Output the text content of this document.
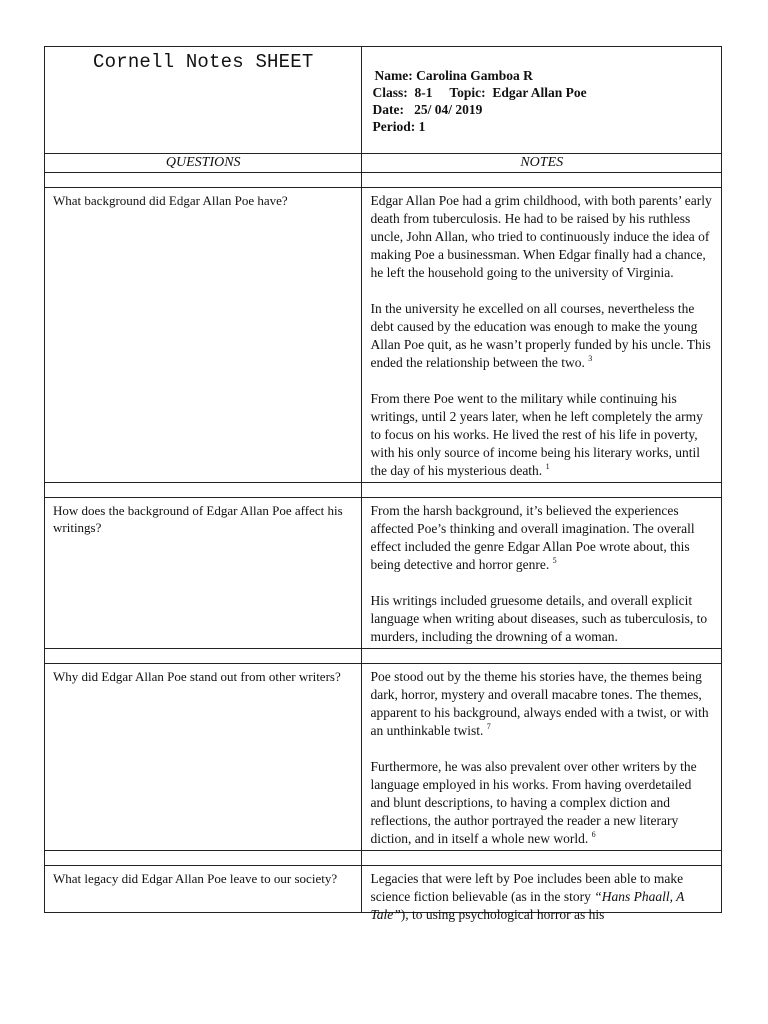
Cornell Notes SHEET	Name: Carolina Gamboa R
Class: 8-1 Topic: Edgar Allan Poe
Date: 25/ 04/ 2019
Period: 1

QUESTIONS	NOTES

What background did Edgar Allan Poe have?	Edgar Allan Poe had a grim childhood, with both parents’ early death from tuberculosis. He had to be raised by his ruthless uncle, John Allan, who tried to continuously induce the idea of making Poe a businessman. When Edgar finally had a chance, he left the household going to the university of Virginia.

In the university he excelled on all courses, nevertheless the debt caused by the education was enough to make the young Allan Poe quit, as he wasn’t properly funded by his uncle. This ended the relationship between the two. $^3$

From there Poe went to the military while continuing his writings, until 2 years later, when he left completely the army to focus on his works. He lived the rest of his life in poverty, with his only source of income being his literary works, until the day of his mysterious death. $^1$

How does the background of Edgar Allan Poe affect his writings?	From the harsh background, it’s believed the experiences affected Poe’s thinking and overall imagination. The overall effect included the genre Edgar Allan Poe wrote about, this being detective and horror genre. $^5$

His writings included gruesome details, and overall explicit language when writing about diseases, such as tuberculosis, to murders, including the drowning of a woman.

Why did Edgar Allan Poe stand out from other writers?	Poe stood out by the theme his stories have, the themes being dark, horror, mystery and overall macabre tones. The themes, apparent to his background, always ended with a twist, or with an unthinkable twist. $^7$

Furthermore, he was also prevalent over other writers by the language employed in his works. From having overdetailed and blunt descriptions, to having a complex diction and reflections, the author portrayed the reader a new literary diction, and in itself a whole new world. $^6$

What legacy did Edgar Allan Poe leave to our society?	Legacies that were left by Poe includes been able to make science fiction believable (as in the story “Hans Phaall, A Tale”), to using psychological horror as his
